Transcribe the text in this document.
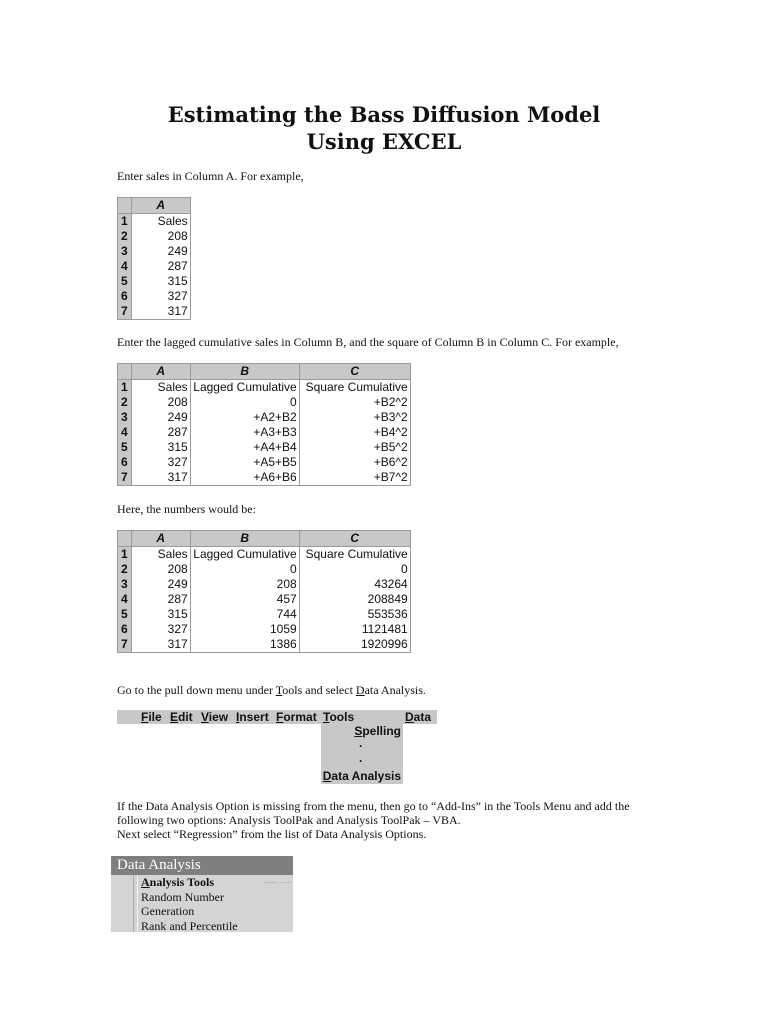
Estimating the Bass Diffusion Model
Using EXCEL
Enter sales in Column A. For example,
	A
1	Sales
2	208
3	249
4	287
5	315
6	327
7	317
Enter the lagged cumulative sales in Column B, and the square of Column B in Column C. For example,
	A	B	C
1	Sales	Lagged Cumulative	Square Cumulative
2	208	0	+B2^2
3	249	+A2+B2	+B3^2
4	287	+A3+B3	+B4^2
5	315	+A4+B4	+B5^2
6	327	+A5+B5	+B6^2
7	317	+A6+B6	+B7^2
Here, the numbers would be:
	A	B	C
1	Sales	Lagged Cumulative	Square Cumulative
2	208	0	0
3	249	208	43264
4	287	457	208849
5	315	744	553536
6	327	1059	1121481
7	317	1386	1920996
Go to the pull down menu under Tools and select Data Analysis.
File Edit View Insert Format Tools	Data
Spelling
·
·
Data Analysis
If the Data Analysis Option is missing from the menu, then go to “Add-Ins” in the Tools Menu and add the
following two options: Analysis ToolPak and Analysis ToolPak – VBA.
Next select “Regression” from the list of Data Analysis Options.
Data Analysis
Analysis Tools
Random Number
Generation
Rank and Percentile
